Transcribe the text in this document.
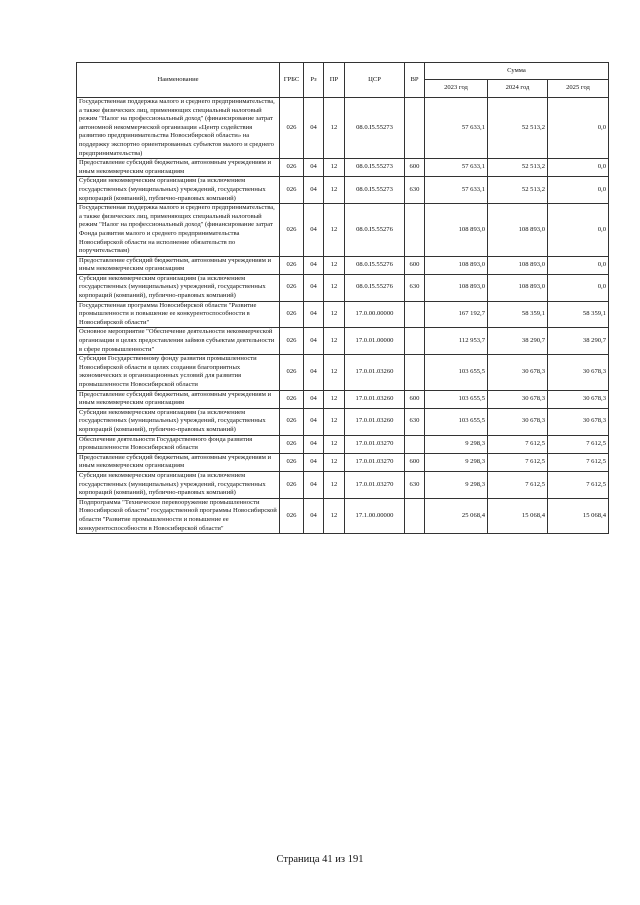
Наименование	ГРБС	Рз	ПР	ЦСР	ВР	Сумма		
						2023 год	2024 год	2025 год
Государственная поддержка малого и среднего предпринимательства, а также физических лиц, применяющих специальный налоговый режим "Налог на профессиональный доход" (финансирование затрат автономной некоммерческой организации «Центр содействия развитию предпринимательства Новосибирской области» на поддержку экспортно ориентированных субъектов малого и среднего предпринимательства)	026	04	12	08.0.I5.55273		57 633,1	52 513,2	0,0
Предоставление субсидий бюджетным, автономным учреждениям и иным некоммерческим организациям	026	04	12	08.0.I5.55273	600	57 633,1	52 513,2	0,0
Субсидии некоммерческим организациям (за исключением государственных (муниципальных) учреждений, государственных корпораций (компаний), публично-правовых компаний)	026	04	12	08.0.I5.55273	630	57 633,1	52 513,2	0,0
Государственная поддержка малого и среднего предпринимательства, а также физических лиц, применяющих специальный налоговый режим "Налог на профессиональный доход" (финансирование затрат Фонда развития малого и среднего предпринимательства Новосибирской области на исполнение обязательств по поручительствам)	026	04	12	08.0.I5.55276		108 893,0	108 893,0	0,0
Предоставление субсидий бюджетным, автономным учреждениям и иным некоммерческим организациям	026	04	12	08.0.I5.55276	600	108 893,0	108 893,0	0,0
Субсидии некоммерческим организациям (за исключением государственных (муниципальных) учреждений, государственных корпораций (компаний), публично-правовых компаний)	026	04	12	08.0.I5.55276	630	108 893,0	108 893,0	0,0
Государственная программа Новосибирской области "Развитие промышленности и повышение ее конкурентоспособности в Новосибирской области"	026	04	12	17.0.00.00000		167 192,7	58 359,1	58 359,1
Основное мероприятие "Обеспечение деятельности некоммерческой организации в целях предоставления займов субъектам деятельности в сфере промышленности"	026	04	12	17.0.01.00000		112 953,7	38 290,7	38 290,7
Субсидия Государственному фонду развития промышленности Новосибирской области в целях создания благоприятных экономических и организационных условий для развития промышленности Новосибирской области	026	04	12	17.0.01.03260		103 655,5	30 678,3	30 678,3
Предоставление субсидий бюджетным, автономным учреждениям и иным некоммерческим организациям	026	04	12	17.0.01.03260	600	103 655,5	30 678,3	30 678,3
Субсидии некоммерческим организациям (за исключением государственных (муниципальных) учреждений, государственных корпораций (компаний), публично-правовых компаний)	026	04	12	17.0.01.03260	630	103 655,5	30 678,3	30 678,3
Обеспечение деятельности Государственного фонда развития промышленности Новосибирской области	026	04	12	17.0.01.03270		9 298,3	7 612,5	7 612,5
Предоставление субсидий бюджетным, автономным учреждениям и иным некоммерческим организациям	026	04	12	17.0.01.03270	600	9 298,3	7 612,5	7 612,5
Субсидии некоммерческим организациям (за исключением государственных (муниципальных) учреждений, государственных корпораций (компаний), публично-правовых компаний)	026	04	12	17.0.01.03270	630	9 298,3	7 612,5	7 612,5
Подпрограмма "Техническое перевооружение промышленности Новосибирской области" государственной программы Новосибирской области "Развитие промышленности и повышение ее конкурентоспособности в Новосибирской области"	026	04	12	17.1.00.00000		25 068,4	15 068,4	15 068,4
Страница 41 из 191
